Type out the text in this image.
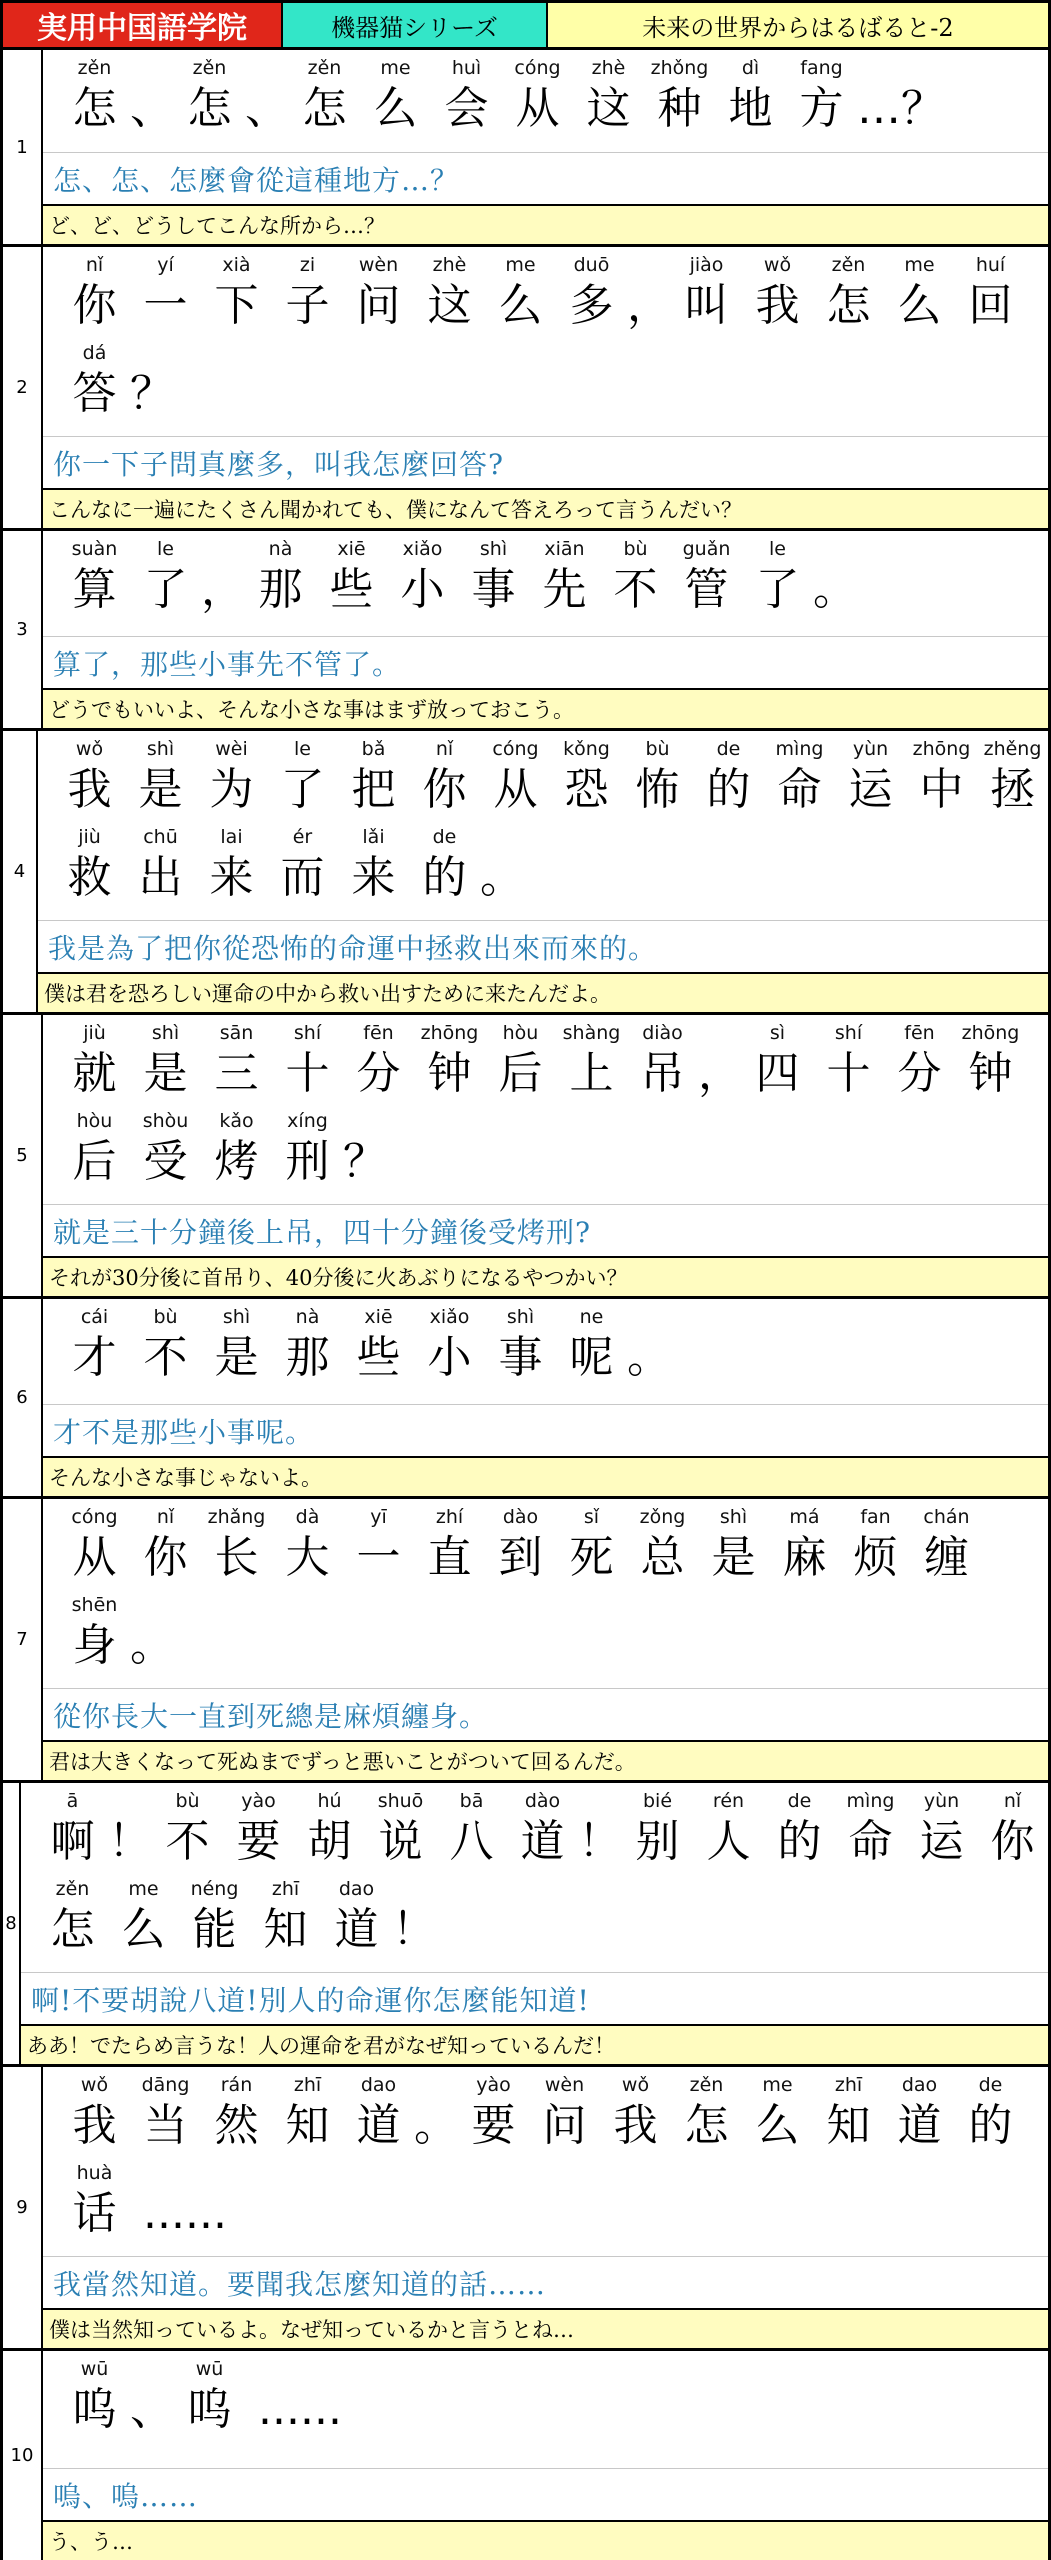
実用中国語学院	機器猫シリーズ	未来の世界からはるばると-2
1
zěn
怎 、
zěn
怎 、
zěn
怎
me
么
huì
会
cóng
从
zhè
这
zhǒng
种
dì
地
fang
方 … ？
怎、怎、怎麼會從這種地方…？
ど、ど、どうしてこんな所から…？
2
nǐ
你
yí
一
xià
下
zi
子
wèn
问
zhè
这
me
么
duō
多 ，
jiào
叫
wǒ
我
zěn
怎
me
么
huí
回
dá
答 ？
你一下子問真麼多，叫我怎麼回答?
こんなに一遍にたくさん聞かれても、僕になんて答えろって言うんだい？
3
suàn
算
le
了 ，
nà
那
xiē
些
xiǎo
小
shì
事
xiān
先
bù
不
guǎn
管
le
了 。
算了，那些小事先不管了。
どうでもいいよ、そんな小さな事はまず放っておこう。
4
wǒ
我
shì
是
wèi
为
le
了
bǎ
把
nǐ
你
cóng
从
kǒng
恐
bù
怖
de
的
mìng
命
yùn
运
zhōng
中
zhěng
拯
jiù
救
chū
出
lai
来
ér
而
lǎi
来
de
的 。
我是為了把你從恐怖的命運中拯救出來而來的。
僕は君を恐ろしい運命の中から救い出すために来たんだよ。
5
jiù
就
shì
是
sān
三
shí
十
fēn
分
zhōng
钟
hòu
后
shàng
上
diào
吊 ，
sì
四
shí
十
fēn
分
zhōng
钟
hòu
后
shòu
受
kǎo
烤
xíng
刑 ？
就是三十分鐘後上吊，四十分鐘後受烤刑?
それが30分後に首吊り、40分後に火あぶりになるやつかい？
6
cái
才
bù
不
shì
是
nà
那
xiē
些
xiǎo
小
shì
事
ne
呢 。
才不是那些小事呢。
そんな小さな事じゃないよ。
7
cóng
从
nǐ
你
zhǎng
长
dà
大
yī
一
zhí
直
dào
到
sǐ
死
zǒng
总
shì
是
má
麻
fan
烦
chán
缠
shēn
身 。
從你長大一直到死總是麻煩纏身。
君は大きくなって死ぬまでずっと悪いことがついて回るんだ。
8
ā
啊 ！
bù
不
yào
要
hú
胡
shuō
说
bā
八
dào
道 ！
bié
别
rén
人
de
的
mìng
命
yùn
运
nǐ
你
zěn
怎
me
么
néng
能
zhī
知
dao
道 ！
啊!不要胡說八道!別人的命運你怎麼能知道!
ああ！でたらめ言うな！人の運命を君がなぜ知っているんだ！
9
wǒ
我
dāng
当
rán
然
zhī
知
dao
道 。
yào
要
wèn
问
wǒ
我
zěn
怎
me
么
zhī
知
dao
道
de
的
huà
话 ......
我當然知道。要聞我怎麼知道的話……
僕は当然知っているよ。なぜ知っているかと言うとね…
10
wū
呜 、
wū
呜 ......
嗚、嗚……
う、う…
